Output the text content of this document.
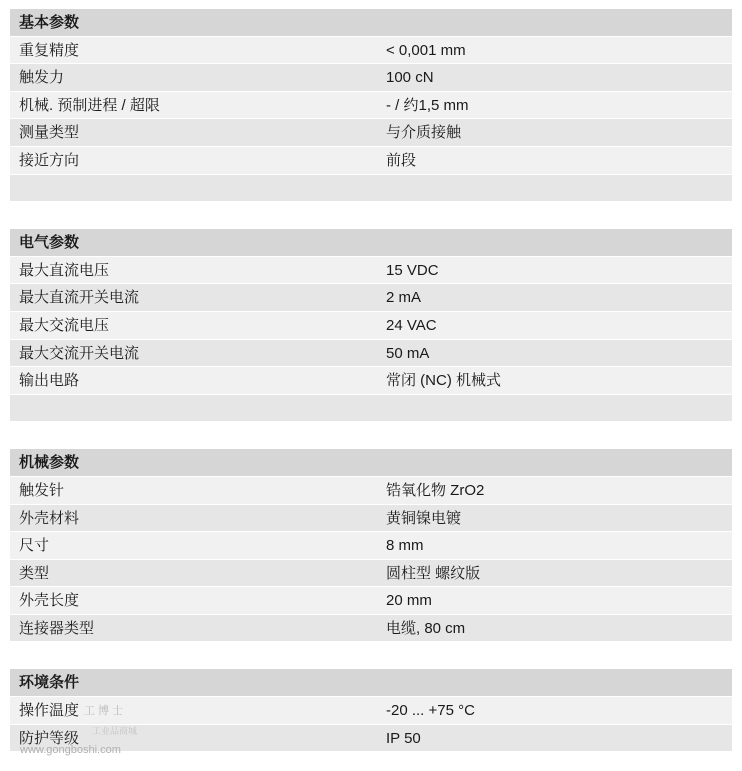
基本参数
重复精度	< 0,001 mm
触发力	100 cN
机械. 预制进程 / 超限	- / 约1,5 mm
测量类型	与介质接触
接近方向	前段
电气参数
最大直流电压	15 VDC
最大直流开关电流	2 mA
最大交流电压	24 VAC
最大交流开关电流	50 mA
输出电路	常闭 (NC) 机械式
机械参数
触发针	锆氧化物 ZrO2
外壳材料	黄铜镍电镀
尺寸	8 mm
类型	圆柱型 螺纹版
外壳长度	20 mm
连接器类型	电缆, 80 cm
环境条件
操作温度	-20 ... +75 °C
防护等级	IP 50
工博士
工业品商城
www.gongboshi.com
